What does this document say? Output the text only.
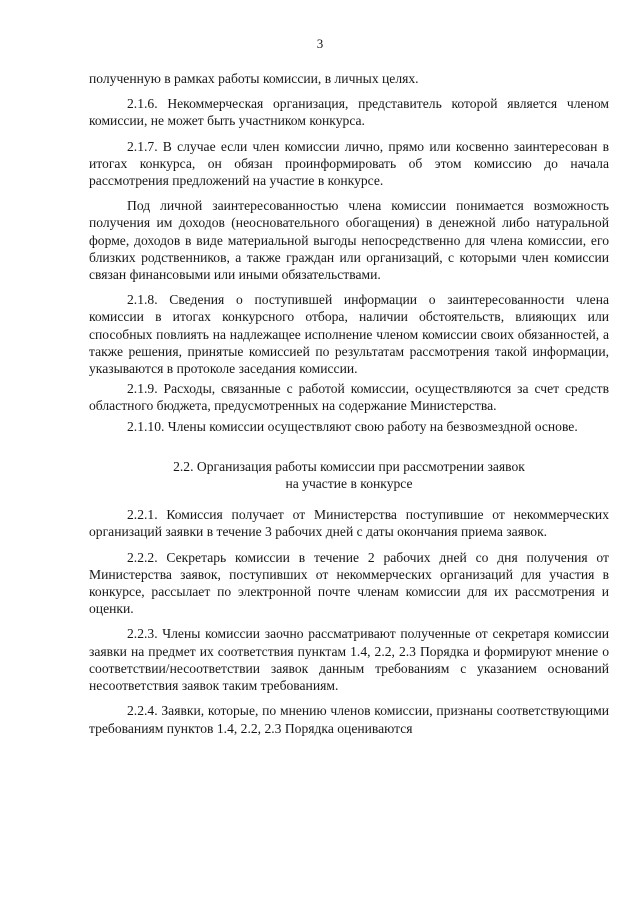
3

полученную в рамках работы комиссии, в личных целях.

2.1.6. Некоммерческая организация, представитель которой является членом комиссии, не может быть участником конкурса.

2.1.7. В случае если член комиссии лично, прямо или косвенно заинтересован в итогах конкурса, он обязан проинформировать об этом комиссию до начала рассмотрения предложений на участие в конкурсе.

Под личной заинтересованностью члена комиссии понимается возможность получения им доходов (неосновательного обогащения) в денежной либо натуральной форме, доходов в виде материальной выгоды непосредственно для члена комиссии, его близких родственников, а также граждан или организаций, с которыми член комиссии связан финансовыми или иными обязательствами.

2.1.8. Сведения о поступившей информации о заинтересованности члена комиссии в итогах конкурсного отбора, наличии обстоятельств, влияющих или способных повлиять на надлежащее исполнение членом комиссии своих обязанностей, а также решения, принятые комиссией по результатам рассмотрения такой информации, указываются в протоколе заседания комиссии.

2.1.9. Расходы, связанные с работой комиссии, осуществляются за счет средств областного бюджета, предусмотренных на содержание Министерства.

2.1.10. Члены комиссии осуществляют свою работу на безвозмездной основе.

2.2. Организация работы комиссии при рассмотрении заявок
на участие в конкурсе

2.2.1. Комиссия получает от Министерства поступившие от некоммерческих организаций заявки в течение 3 рабочих дней с даты окончания приема заявок.

2.2.2. Секретарь комиссии в течение 2 рабочих дней со дня получения от Министерства заявок, поступивших от некоммерческих организаций для участия в конкурсе, рассылает по электронной почте членам комиссии для их рассмотрения и оценки.

2.2.3. Члены комиссии заочно рассматривают полученные от секретаря комиссии заявки на предмет их соответствия пунктам 1.4, 2.2, 2.3 Порядка и формируют мнение о соответствии/несоответствии заявок данным требованиям с указанием оснований несоответствия заявок таким требованиям.

2.2.4. Заявки, которые, по мнению членов комиссии, признаны соответствующими требованиям пунктов 1.4, 2.2, 2.3 Порядка оцениваются
